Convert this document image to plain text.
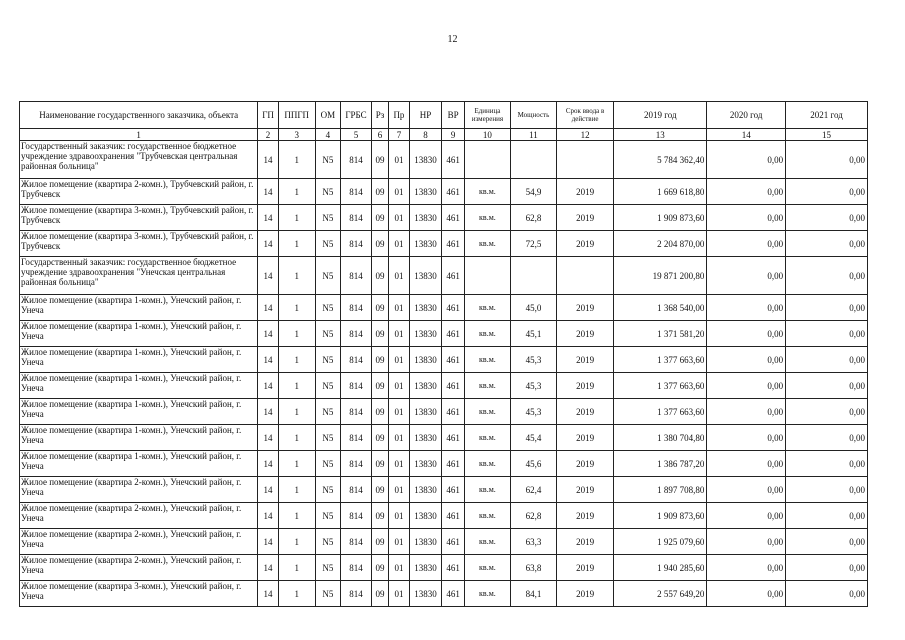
12
Наименование государственного заказчика, объекта	ГП	ППГП	ОМ	ГРБС	Рз	Пр	НР	ВР	Единица измерения	Мощность	Срок ввода в действие	2019 год	2020 год	2021 год
1	2	3	4	5	6	7	8	9	10	11	12	13	14	15
Государственный заказчик: государственное бюджетное учреждение здравоохранения "Трубчевская центральная районная больница"	14	1	N5	814	09	01	13830	461				5 784 362,40	0,00	0,00
Жилое помещение (квартира 2-комн.), Трубчевский район, г. Трубчевск	14	1	N5	814	09	01	13830	461	кв.м.	54,9	2019	1 669 618,80	0,00	0,00
Жилое помещение (квартира 3-комн.), Трубчевский район, г. Трубчевск	14	1	N5	814	09	01	13830	461	кв.м.	62,8	2019	1 909 873,60	0,00	0,00
Жилое помещение (квартира 3-комн.), Трубчевский район, г. Трубчевск	14	1	N5	814	09	01	13830	461	кв.м.	72,5	2019	2 204 870,00	0,00	0,00
Государственный заказчик: государственное бюджетное учреждение здравоохранения "Унечская центральная районная больница"	14	1	N5	814	09	01	13830	461				19 871 200,80	0,00	0,00
Жилое помещение (квартира 1-комн.), Унечский район, г. Унеча	14	1	N5	814	09	01	13830	461	кв.м.	45,0	2019	1 368 540,00	0,00	0,00
Жилое помещение (квартира 1-комн.), Унечский район, г. Унеча	14	1	N5	814	09	01	13830	461	кв.м.	45,1	2019	1 371 581,20	0,00	0,00
Жилое помещение (квартира 1-комн.), Унечский район, г. Унеча	14	1	N5	814	09	01	13830	461	кв.м.	45,3	2019	1 377 663,60	0,00	0,00
Жилое помещение (квартира 1-комн.), Унечский район, г. Унеча	14	1	N5	814	09	01	13830	461	кв.м.	45,3	2019	1 377 663,60	0,00	0,00
Жилое помещение (квартира 1-комн.), Унечский район, г. Унеча	14	1	N5	814	09	01	13830	461	кв.м.	45,3	2019	1 377 663,60	0,00	0,00
Жилое помещение (квартира 1-комн.), Унечский район, г. Унеча	14	1	N5	814	09	01	13830	461	кв.м.	45,4	2019	1 380 704,80	0,00	0,00
Жилое помещение (квартира 1-комн.), Унечский район, г. Унеча	14	1	N5	814	09	01	13830	461	кв.м.	45,6	2019	1 386 787,20	0,00	0,00
Жилое помещение (квартира 2-комн.), Унечский район, г. Унеча	14	1	N5	814	09	01	13830	461	кв.м.	62,4	2019	1 897 708,80	0,00	0,00
Жилое помещение (квартира 2-комн.), Унечский район, г. Унеча	14	1	N5	814	09	01	13830	461	кв.м.	62,8	2019	1 909 873,60	0,00	0,00
Жилое помещение (квартира 2-комн.), Унечский район, г. Унеча	14	1	N5	814	09	01	13830	461	кв.м.	63,3	2019	1 925 079,60	0,00	0,00
Жилое помещение (квартира 2-комн.), Унечский район, г. Унеча	14	1	N5	814	09	01	13830	461	кв.м.	63,8	2019	1 940 285,60	0,00	0,00
Жилое помещение (квартира 3-комн.), Унечский район, г. Унеча	14	1	N5	814	09	01	13830	461	кв.м.	84,1	2019	2 557 649,20	0,00	0,00
